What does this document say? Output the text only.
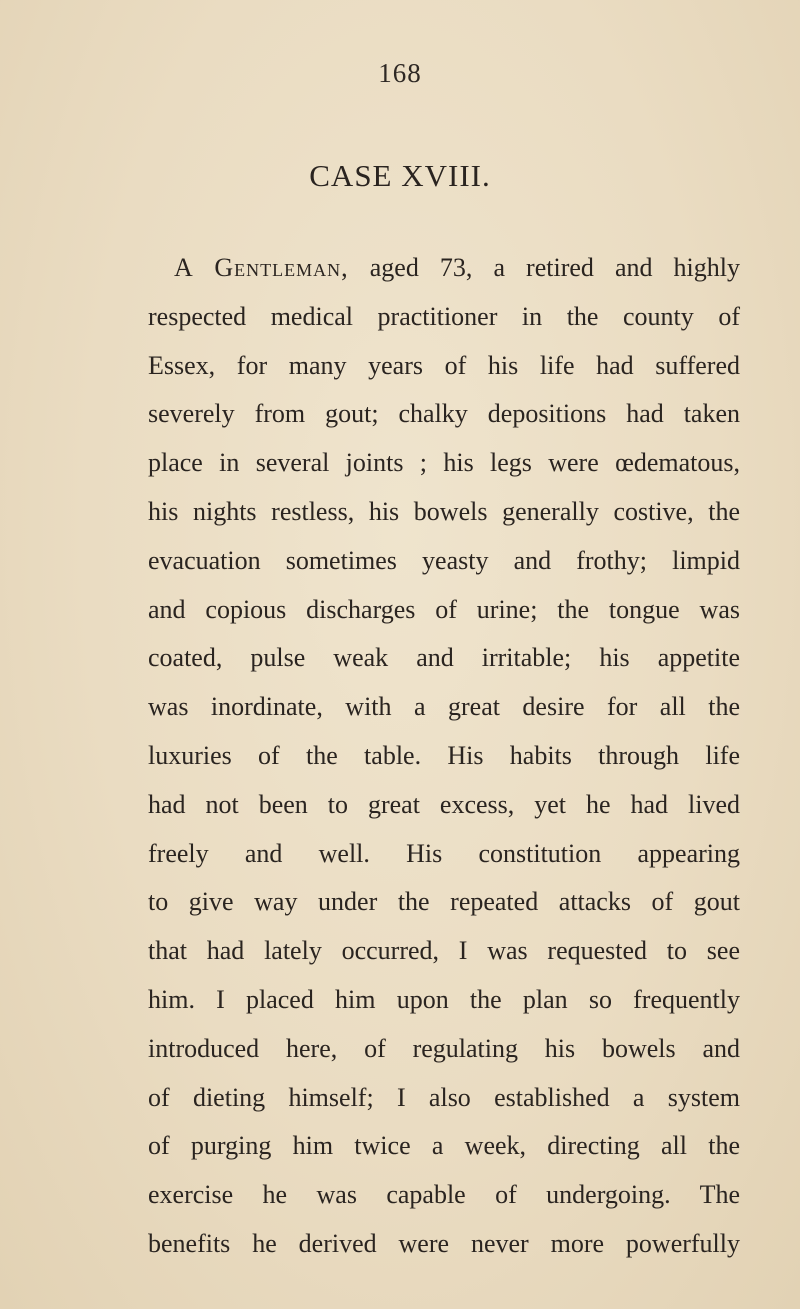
168
CASE XVIII.
A Gentleman, aged 73, a retired and highly
respected medical practitioner in the county of
Essex, for many years of his life had suffered
severely from gout; chalky depositions had taken
place in several joints ; his legs were œdematous,
his nights restless, his bowels generally costive, the
evacuation sometimes yeasty and frothy; limpid
and copious discharges of urine; the tongue was
coated, pulse weak and irritable; his appetite
was inordinate, with a great desire for all the
luxuries of the table. His habits through life
had not been to great excess, yet he had lived
freely and well. His constitution appearing
to give way under the repeated attacks of gout
that had lately occurred, I was requested to see
him. I placed him upon the plan so frequently
introduced here, of regulating his bowels and
of dieting himself; I also established a system
of purging him twice a week, directing all the
exercise he was capable of undergoing. The
benefits he derived were never more powerfully
